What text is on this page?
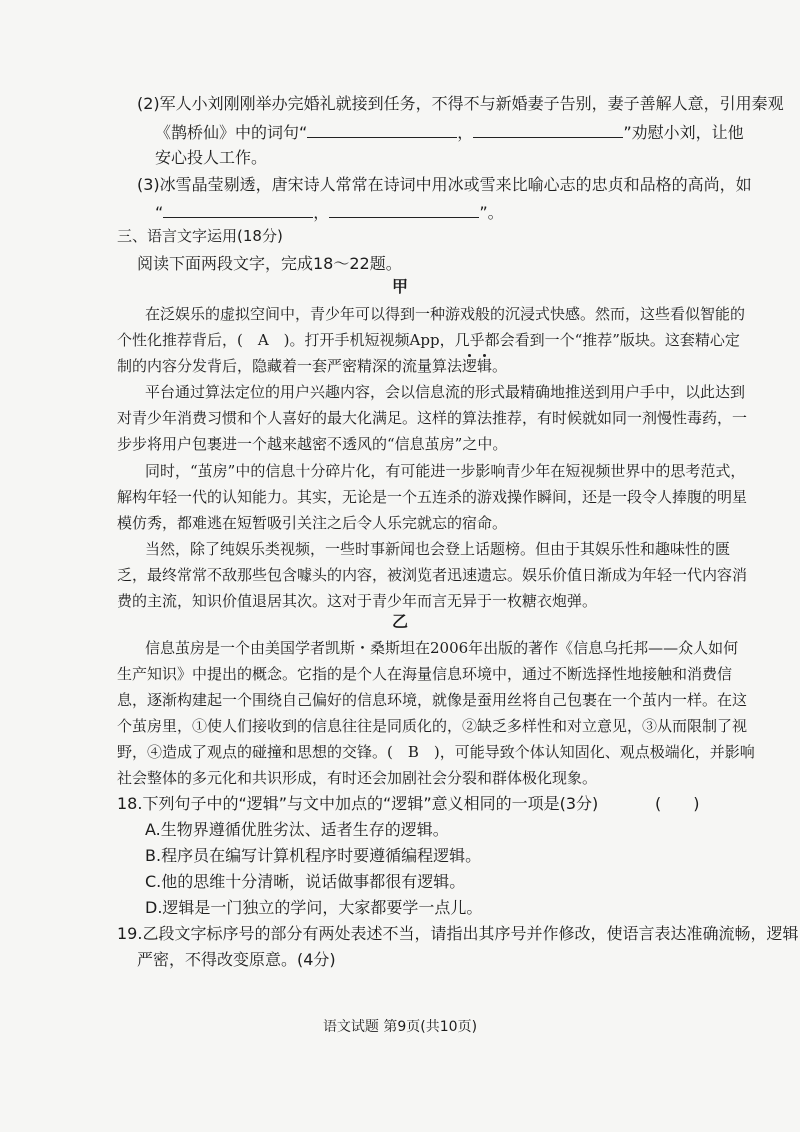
(2)军人小刘刚刚举办完婚礼就接到任务，不得不与新婚妻子告别，妻子善解人意，引用秦观
《鹊桥仙》中的词句“	，	”劝慰小刘，让他
安心投人工作。
(3)冰雪晶莹剔透，唐宋诗人常常在诗词中用冰或雪来比喻心志的忠贞和品格的高尚，如
“	，	”。
三、语言文字运用(18分)
阅读下面两段文字，完成18～22题。
甲
在泛娱乐的虚拟空间中，青少年可以得到一种游戏般的沉浸式快感。然而，这些看似智能的
个性化推荐背后，(　A　)。打开手机短视频App，几乎都会看到一个“推荐”版块。这套精心定
制的内容分发背后，隐藏着一套严密精深的流量算法逻辑。
平台通过算法定位的用户兴趣内容，会以信息流的形式最精确地推送到用户手中，以此达到
对青少年消费习惯和个人喜好的最大化满足。这样的算法推荐，有时候就如同一剂慢性毒药，一
步步将用户包裹进一个越来越密不透风的“信息茧房”之中。
同时，“茧房”中的信息十分碎片化，有可能进一步影响青少年在短视频世界中的思考范式，
解构年轻一代的认知能力。其实，无论是一个五连杀的游戏操作瞬间，还是一段令人捧腹的明星
模仿秀，都难逃在短暂吸引关注之后令人乐完就忘的宿命。
当然，除了纯娱乐类视频，一些时事新闻也会登上话题榜。但由于其娱乐性和趣味性的匮
乏，最终常常不敌那些包含噱头的内容，被浏览者迅速遗忘。娱乐价值日渐成为年轻一代内容消
费的主流，知识价值退居其次。这对于青少年而言无异于一枚糖衣炮弹。
乙
信息茧房是一个由美国学者凯斯・桑斯坦在2006年出版的著作《信息乌托邦——众人如何
生产知识》中提出的概念。它指的是个人在海量信息环境中，通过不断选择性地接触和消费信
息，逐渐构建起一个围绕自己偏好的信息环境，就像是蚕用丝将自己包裹在一个茧内一样。在这
个茧房里，①使人们接收到的信息往往是同质化的，②缺乏多样性和对立意见，③从而限制了视
野，④造成了观点的碰撞和思想的交锋。(　B　)，可能导致个体认知固化、观点极端化，并影响
社会整体的多元化和共识形成，有时还会加剧社会分裂和群体极化现象。
18.下列句子中的“逻辑”与文中加点的“逻辑”意义相同的一项是(3分)	(　　)
A.生物界遵循优胜劣汰、适者生存的逻辑。
B.程序员在编写计算机程序时要遵循编程逻辑。
C.他的思维十分清晰，说话做事都很有逻辑。
D.逻辑是一门独立的学问，大家都要学一点儿。
19.乙段文字标序号的部分有两处表述不当，请指出其序号并作修改，使语言表达准确流畅，逻辑
严密，不得改变原意。(4分)
语文试题 第9页(共10页)
